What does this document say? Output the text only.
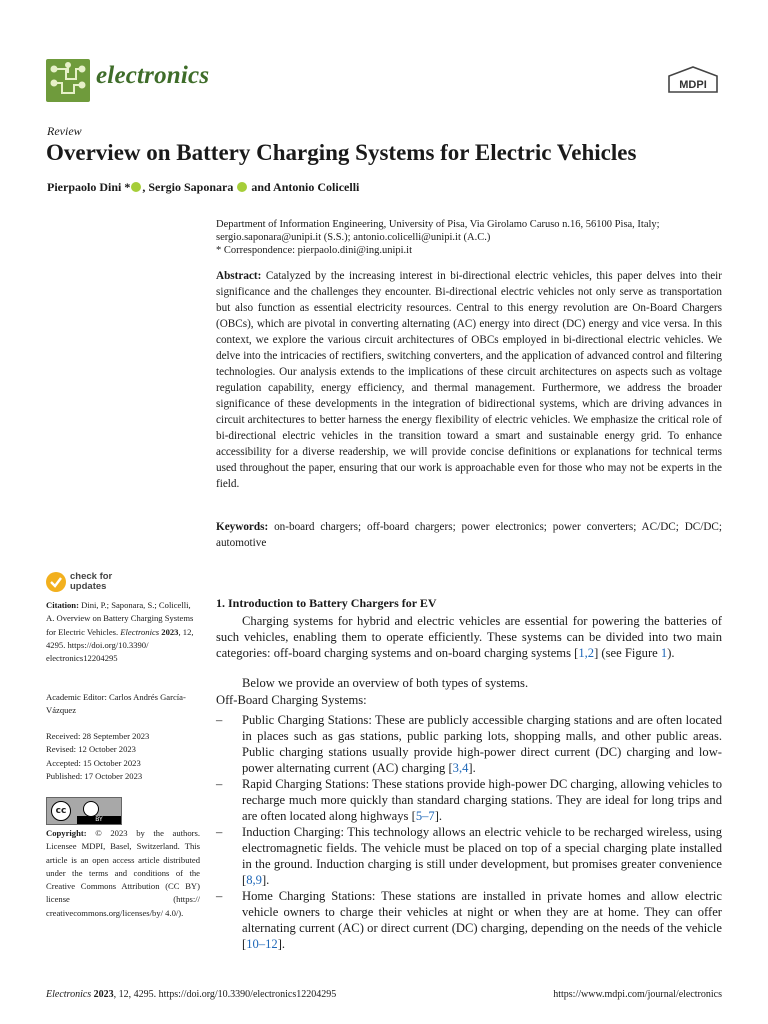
electronics	MDPI
Review
Overview on Battery Charging Systems for Electric Vehicles
Pierpaolo Dini * , Sergio Saponara  and Antonio Colicelli
Department of Information Engineering, University of Pisa, Via Girolamo Caruso n.16, 56100 Pisa, Italy;
sergio.saponara@unipi.it (S.S.); antonio.colicelli@unipi.it (A.C.)
* Correspondence: pierpaolo.dini@ing.unipi.it
Abstract: Catalyzed by the increasing interest in bi-directional electric vehicles, this paper delves into their significance and the challenges they encounter. Bi-directional electric vehicles not only serve as transportation but also function as essential electricity resources. Central to this energy revolution are On-Board Chargers (OBCs), which are pivotal in converting alternating (AC) energy into direct (DC) energy and vice versa. In this context, we explore the various circuit architectures of OBCs employed in bi-directional electric vehicles. We delve into the intricacies of rectifiers, switching converters, and the application of advanced control and filtering technologies. Our analysis extends to the implications of these circuit architectures on aspects such as voltage regulation capability, energy efficiency, and thermal management. Furthermore, we address the broader significance of these developments in the integration of bidirectional systems, which are driving advances in circuit architectures to better harness the energy flexibility of electric vehicles. We emphasize the critical role of bi-directional electric vehicles in the transition toward a smart and sustainable energy grid. To enhance accessibility for a diverse readership, we will provide concise definitions or explanations for technical terms used throughout the paper, ensuring that our work is approachable even for those who may not be experts in the field.
Keywords: on-board chargers; off-board chargers; power electronics; power converters; AC/DC; DC/DC; automotive
check for
updates
Citation: Dini, P.; Saponara, S.; Colicelli, A. Overview on Battery Charging Systems for Electric Vehicles. Electronics 2023, 12, 4295. https://doi.org/10.3390/ electronics12204295
Academic Editor: Carlos Andrés García-Vázquez
Received: 28 September 2023
Revised: 12 October 2023
Accepted: 15 October 2023
Published: 17 October 2023
cc
BY
Copyright: © 2023 by the authors. Licensee MDPI, Basel, Switzerland. This article is an open access article distributed under the terms and conditions of the Creative Commons Attribution (CC BY) license (https:// creativecommons.org/licenses/by/ 4.0/).
1. Introduction to Battery Chargers for EV
Charging systems for hybrid and electric vehicles are essential for powering the batteries of such vehicles, enabling them to operate efficiently. These systems can be divided into two main categories: off-board charging systems and on-board charging systems [1,2] (see Figure 1).
Below we provide an overview of both types of systems.
Off-Board Charging Systems:
– Public Charging Stations: These are publicly accessible charging stations and are often located in places such as gas stations, public parking lots, shopping malls, and other public areas. Public charging stations usually provide high-power direct current (DC) charging and low-power alternating current (AC) charging [3,4].
– Rapid Charging Stations: These stations provide high-power DC charging, allowing vehicles to recharge much more quickly than standard charging stations. They are ideal for long trips and are often located along highways [5–7].
– Induction Charging: This technology allows an electric vehicle to be recharged wireless, using electromagnetic fields. The vehicle must be placed on top of a special charging plate installed in the ground. Induction charging is still under development, but promises greater convenience [8,9].
– Home Charging Stations: These stations are installed in private homes and allow electric vehicle owners to charge their vehicles at night or when they are at home. They can offer alternating current (AC) or direct current (DC) charging, depending on the needs of the vehicle [10–12].
Electronics 2023, 12, 4295. https://doi.org/10.3390/electronics12204295	https://www.mdpi.com/journal/electronics
